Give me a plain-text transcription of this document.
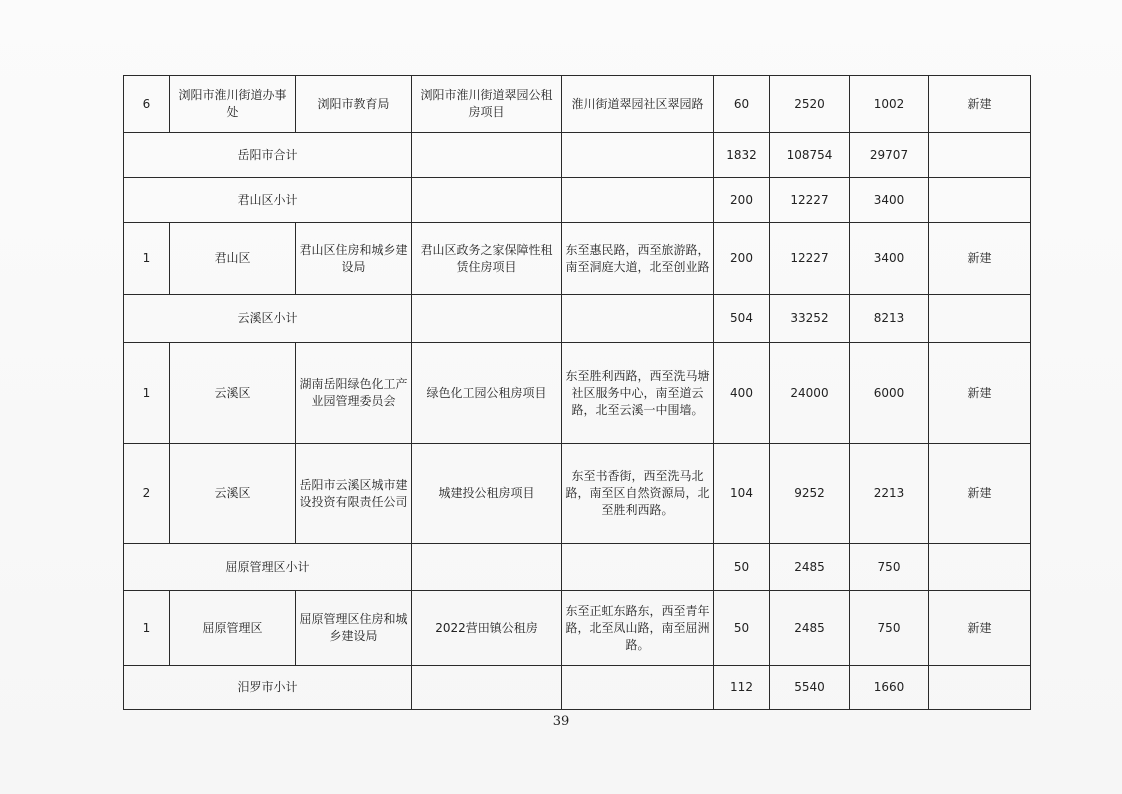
6	浏阳市淮川街道办事处	浏阳市教育局	浏阳市淮川街道翠园公租房项目	淮川街道翠园社区翠园路	60	2520	1002	新建
岳阳市合计					1832	108754	29707	
君山区小计					200	12227	3400	
1	君山区	君山区住房和城乡建设局	君山区政务之家保障性租赁住房项目	东至惠民路，西至旅游路，南至洞庭大道，北至创业路	200	12227	3400	新建
云溪区小计					504	33252	8213	
1	云溪区	湖南岳阳绿色化工产业园管理委员会	绿色化工园公租房项目	东至胜利西路，西至洗马塘社区服务中心，南至道云路，北至云溪一中围墙。	400	24000	6000	新建
2	云溪区	岳阳市云溪区城市建设投资有限责任公司	城建投公租房项目	东至书香街，西至洗马北路，南至区自然资源局，北至胜利西路。	104	9252	2213	新建
屈原管理区小计					50	2485	750	
1	屈原管理区	屈原管理区住房和城乡建设局	2022营田镇公租房	东至正虹东路东，西至青年路，北至凤山路，南至屈洲路。	50	2485	750	新建
汨罗市小计					112	5540	1660	
39
